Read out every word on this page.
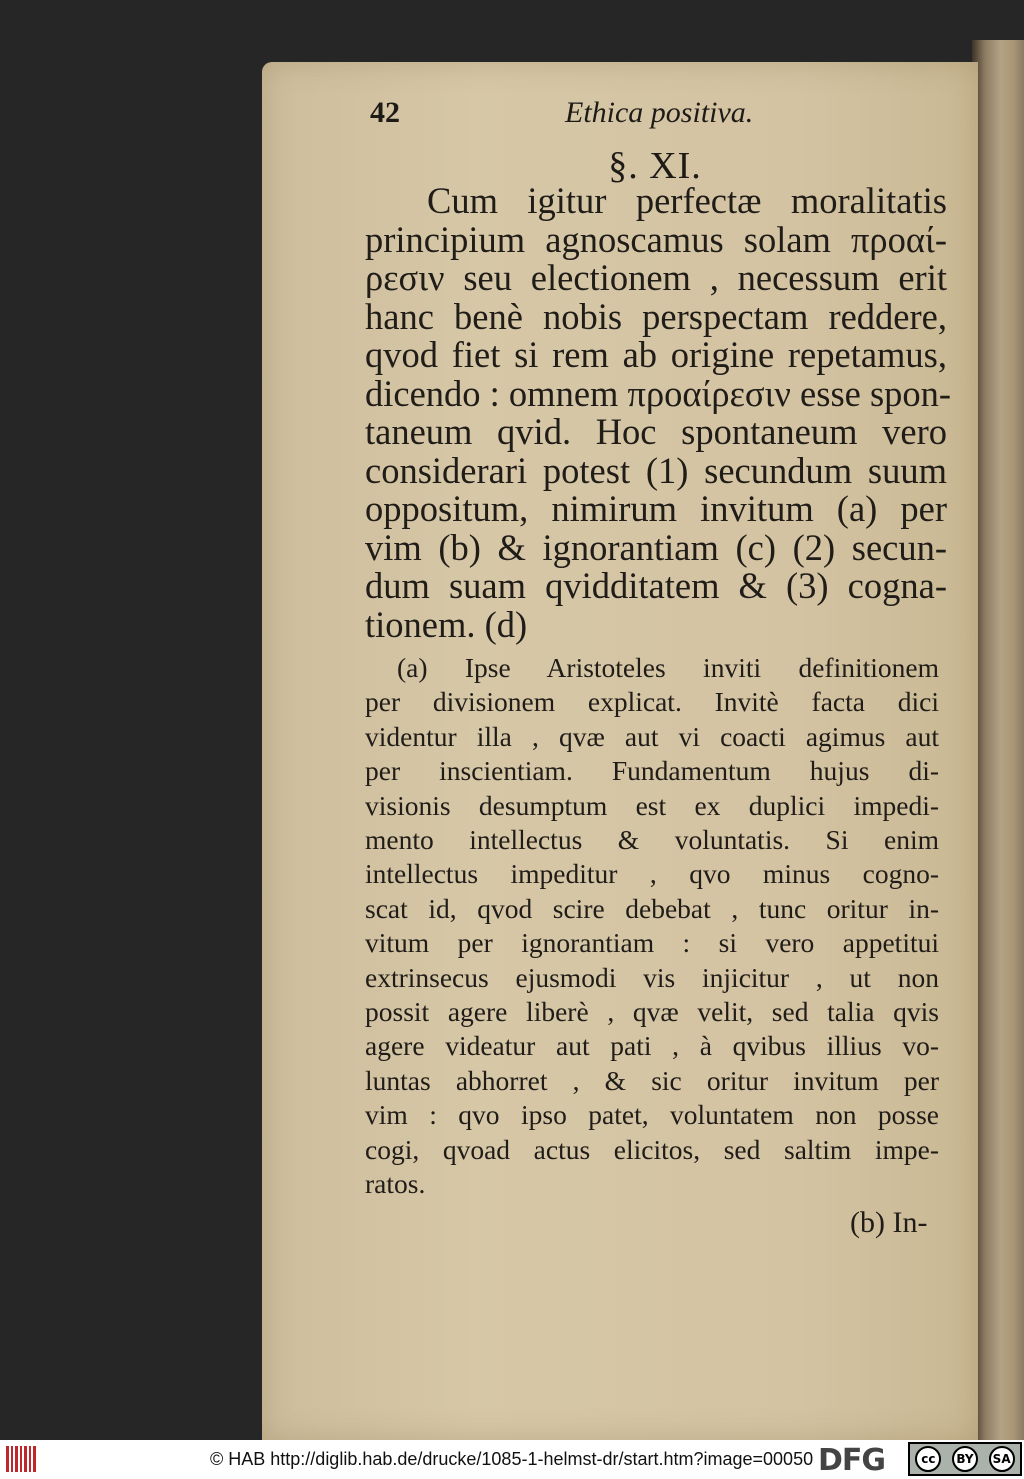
42	Ethica positiva.
§. XI.
Cum igitur perfectæ moralitatis
principium agnoscamus solam προαί-
ρεσιν seu electionem , necessum erit
hanc benè nobis perspectam reddere,
qvod fiet si rem ab origine repetamus,
dicendo : omnem προαίρεσιν esse spon-
taneum qvid. Hoc spontaneum vero
considerari potest (1) secundum suum
oppositum, nimirum invitum (a) per
vim (b) & ignorantiam (c) (2) secun-
dum suam qvidditatem & (3) cogna-
tionem. (d)
(a) Ipse Aristoteles inviti definitionem
per divisionem explicat. Invitè facta dici
videntur illa , qvæ aut vi coacti agimus aut
per inscientiam. Fundamentum hujus di-
visionis desumptum est ex duplici impedi-
mento intellectus & voluntatis. Si enim
intellectus impeditur , qvo minus cogno-
scat id, qvod scire debebat , tunc oritur in-
vitum per ignorantiam : si vero appetitui
extrinsecus ejusmodi vis injicitur , ut non
possit agere liberè , qvæ velit, sed talia qvis
agere videatur aut pati , à qvibus illius vo-
luntas abhorret , & sic oritur invitum per
vim : qvo ipso patet, voluntatem non posse
cogi, qvoad actus elicitos, sed saltim impe-
ratos.
(b) In-
© HAB http://diglib.hab.de/drucke/1085-1-helmst-dr/start.htm?image=00050 DFG	cc	BY	SA
